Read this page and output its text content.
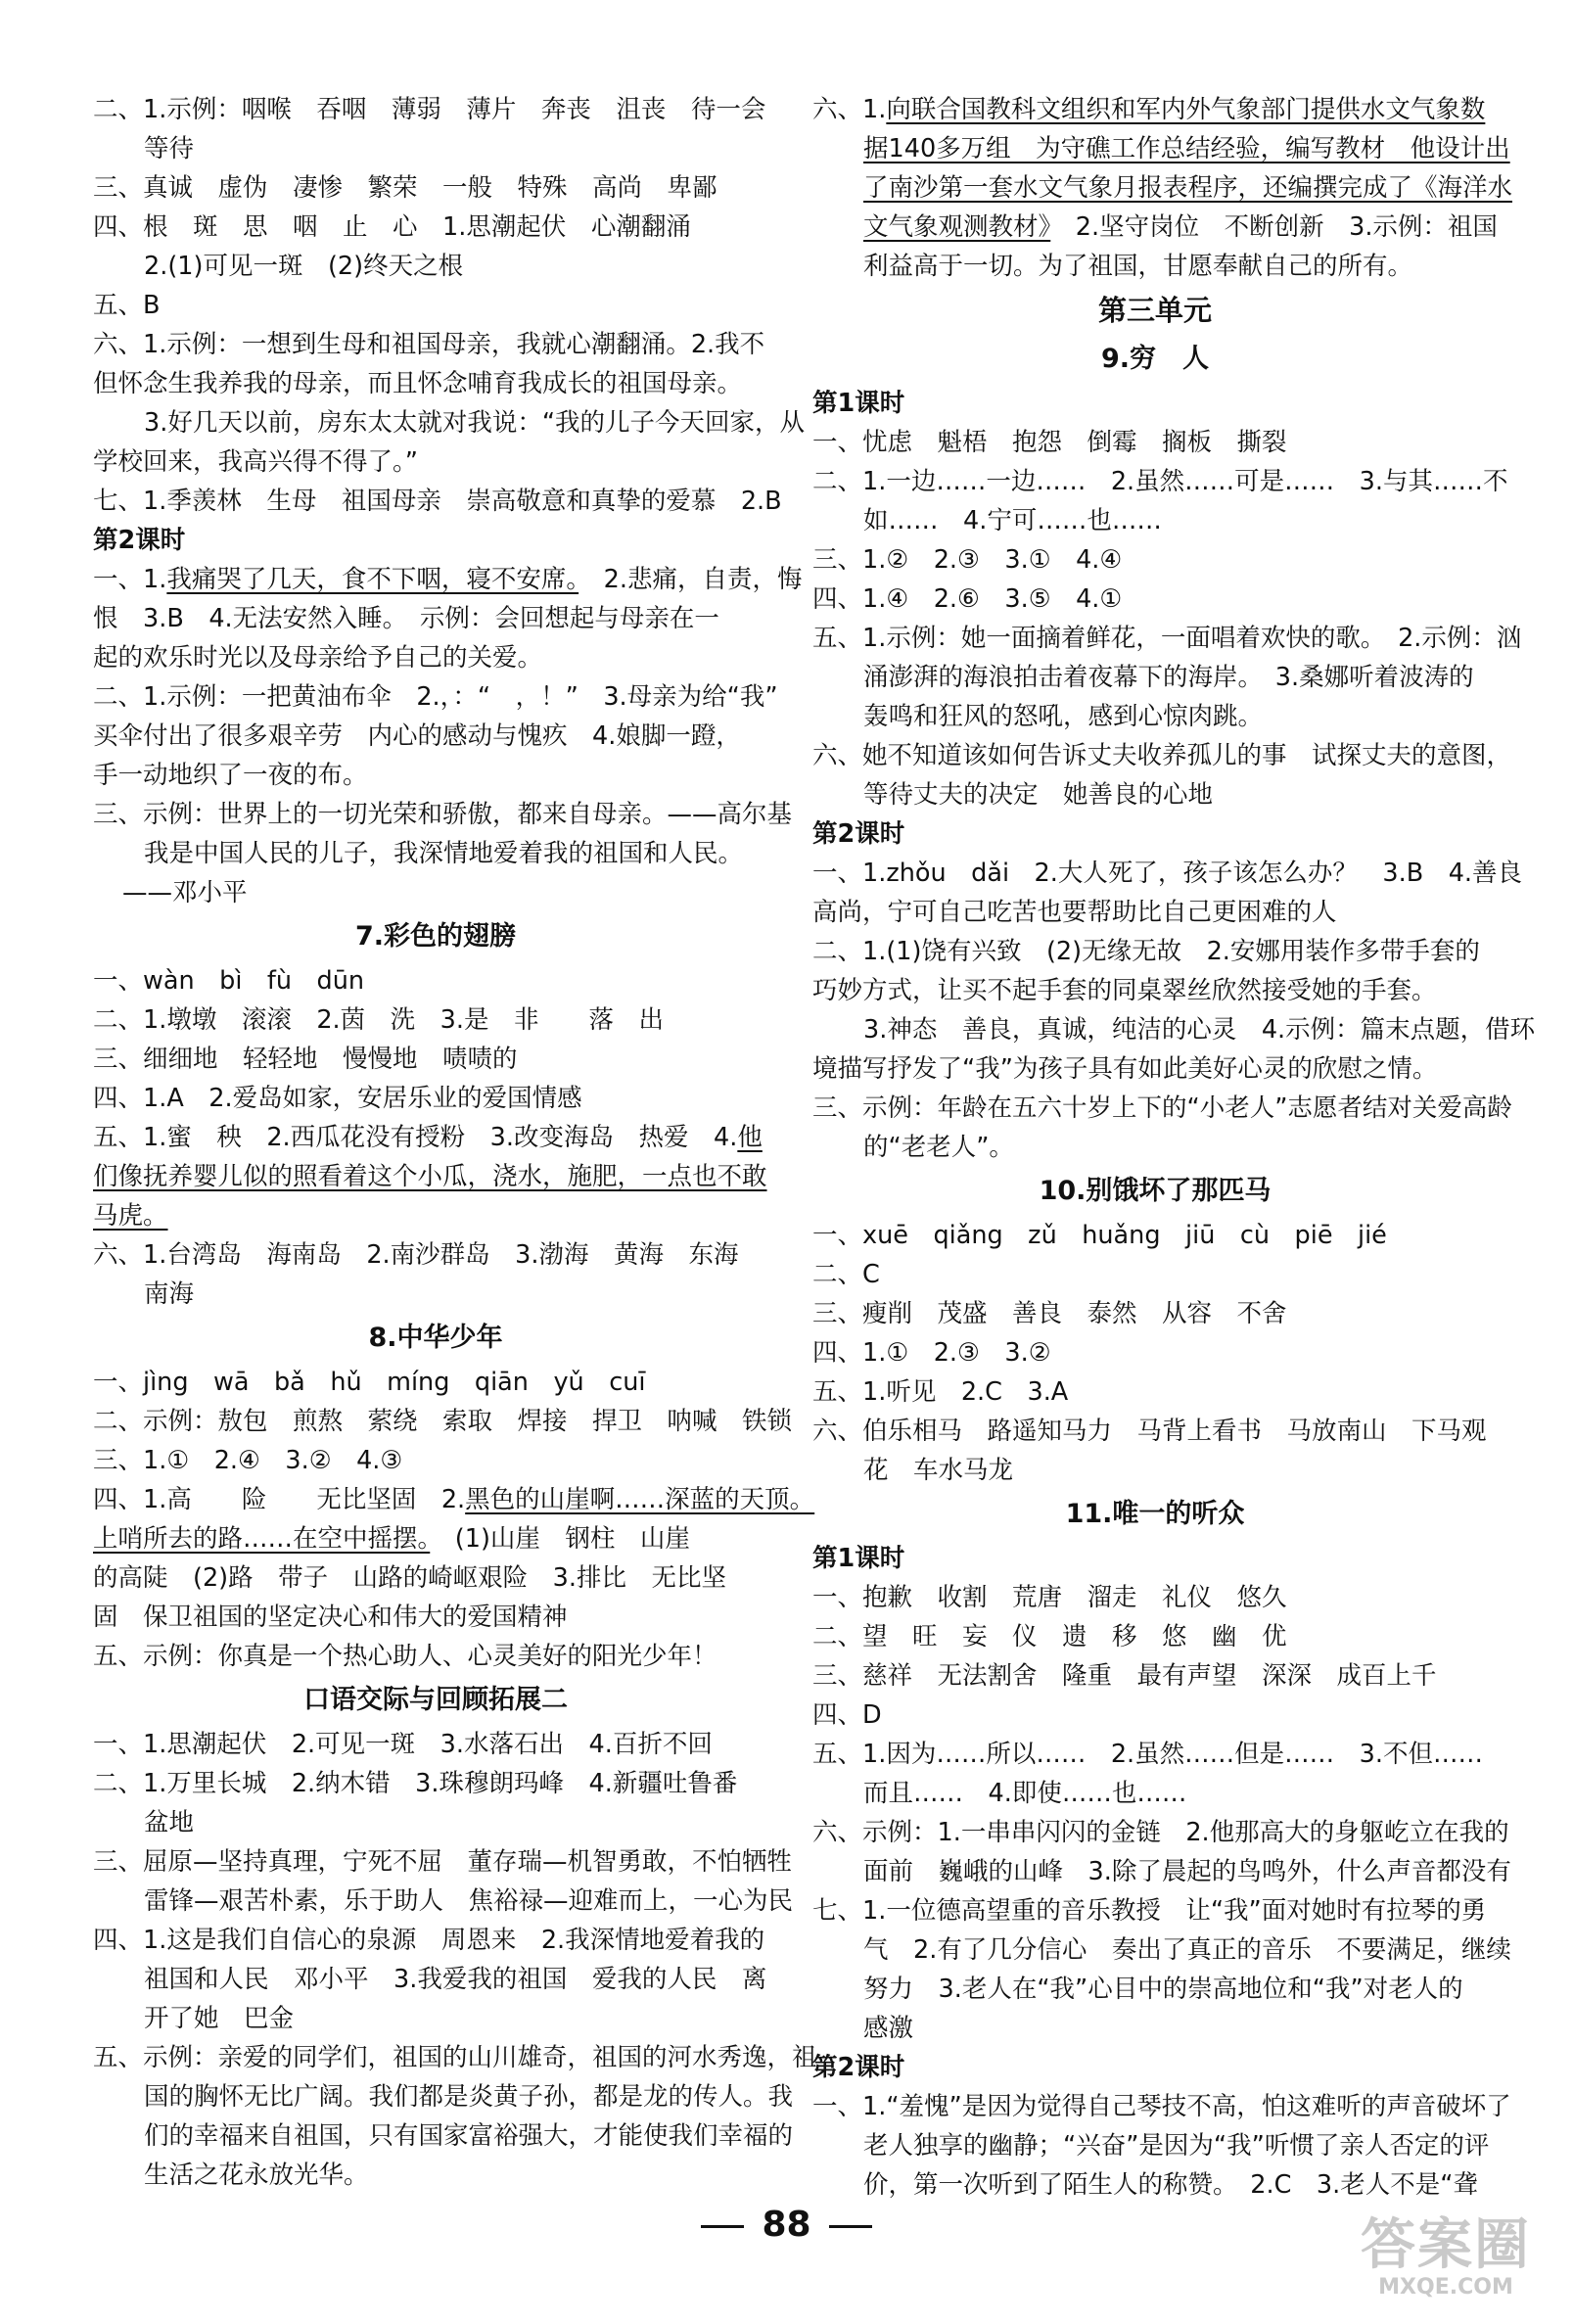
二、1.示例：咽喉　吞咽　薄弱　薄片　奔丧　沮丧　待一会
等待
三、真诚　虚伪　凄惨　繁荣　一般　特殊　高尚　卑鄙
四、根　斑　思　咽　止　心　1.思潮起伏　心潮翻涌
2.(1)可见一斑　(2)终天之根
五、B
六、1.示例：一想到生母和祖国母亲，我就心潮翻涌。2.我不
但怀念生我养我的母亲，而且怀念哺育我成长的祖国母亲。
3.好几天以前，房东太太就对我说：“我的儿子今天回家，从
学校回来，我高兴得不得了。”
七、1.季羡林　生母　祖国母亲　崇高敬意和真挚的爱慕　2.B
第2课时
一、1.我痛哭了几天，食不下咽，寝不安席。　2.悲痛，自责，悔
恨　3.B　4.无法安然入睡。　示例：会回想起与母亲在一
起的欢乐时光以及母亲给予自己的关爱。
二、1.示例：一把黄油布伞　2.，：“　，！”　3.母亲为给“我”
买伞付出了很多艰辛劳　内心的感动与愧疚　4.娘脚一蹬，
手一动地织了一夜的布。
三、示例：世界上的一切光荣和骄傲，都来自母亲。——高尔基
我是中国人民的儿子，我深情地爱着我的祖国和人民。
——邓小平
7.彩色的翅膀
一、wàn　bì　fù　dūn
二、1.墩墩　滚滚　2.茵　洗　3.是　非　　落　出
三、细细地　轻轻地　慢慢地　啧啧的
四、1.A　2.爱岛如家，安居乐业的爱国情感
五、1.蜜　秧　2.西瓜花没有授粉　3.改变海岛　热爱　4.他
们像抚养婴儿似的照看着这个小瓜，浇水，施肥，一点也不敢
马虎。
六、1.台湾岛　海南岛　2.南沙群岛　3.渤海　黄海　东海
南海
8.中华少年
一、jìng　wā　bǎ　hǔ　míng　qiān　yǔ　cuī
二、示例：敖包　煎熬　萦绕　索取　焊接　捍卫　呐喊　铁锁
三、1.①　2.④　3.②　4.③
四、1.高　　险　　无比坚固　2.黑色的山崖啊……深蓝的天顶。
上哨所去的路……在空中摇摆。　(1)山崖　钢柱　山崖
的高陡　(2)路　带子　山路的崎岖艰险　3.排比　无比坚
固　保卫祖国的坚定决心和伟大的爱国精神
五、示例：你真是一个热心助人、心灵美好的阳光少年！
口语交际与回顾拓展二
一、1.思潮起伏　2.可见一斑　3.水落石出　4.百折不回
二、1.万里长城　2.纳木错　3.珠穆朗玛峰　4.新疆吐鲁番
盆地
三、屈原—坚持真理，宁死不屈　董存瑞—机智勇敢，不怕牺牲
雷锋—艰苦朴素，乐于助人　焦裕禄—迎难而上，一心为民
四、1.这是我们自信心的泉源　周恩来　2.我深情地爱着我的
祖国和人民　邓小平　3.我爱我的祖国　爱我的人民　离
开了她　巴金
五、示例：亲爱的同学们，祖国的山川雄奇，祖国的河水秀逸，祖
国的胸怀无比广阔。我们都是炎黄子孙，都是龙的传人。我
们的幸福来自祖国，只有国家富裕强大，才能使我们幸福的
生活之花永放光华。
六、1.向联合国教科文组织和军内外气象部门提供水文气象数
据140多万组　为守礁工作总结经验，编写教材　他设计出
了南沙第一套水文气象月报表程序，还编撰完成了《海洋水
文气象观测教材》　2.坚守岗位　不断创新　3.示例：祖国
利益高于一切。为了祖国，甘愿奉献自己的所有。
第三单元
9.穷　人
第1课时
一、忧虑　魁梧　抱怨　倒霉　搁板　撕裂
二、1.一边……一边……　2.虽然……可是……　3.与其……不
如……　4.宁可……也……
三、1.②　2.③　3.①　4.④
四、1.④　2.⑥　3.⑤　4.①
五、1.示例：她一面摘着鲜花，一面唱着欢快的歌。　2.示例：汹
涌澎湃的海浪拍击着夜幕下的海岸。　3.桑娜听着波涛的
轰鸣和狂风的怒吼，感到心惊肉跳。
六、她不知道该如何告诉丈夫收养孤儿的事　试探丈夫的意图，
等待丈夫的决定　她善良的心地
第2课时
一、1.zhǒu　dǎi　2.大人死了，孩子该怎么办？　3.B　4.善良
高尚，宁可自己吃苦也要帮助比自己更困难的人
二、1.(1)饶有兴致　(2)无缘无故　2.安娜用装作多带手套的
巧妙方式，让买不起手套的同桌翠丝欣然接受她的手套。
3.神态　善良，真诚，纯洁的心灵　4.示例：篇末点题，借环
境描写抒发了“我”为孩子具有如此美好心灵的欣慰之情。
三、示例：年龄在五六十岁上下的“小老人”志愿者结对关爱高龄
的“老老人”。
10.别饿坏了那匹马
一、xuē　qiǎng　zǔ　huǎng　jiū　cù　piē　jié
二、C
三、瘦削　茂盛　善良　泰然　从容　不舍
四、1.①　2.③　3.②
五、1.听见　2.C　3.A
六、伯乐相马　路遥知马力　马背上看书　马放南山　下马观
花　车水马龙
11.唯一的听众
第1课时
一、抱歉　收割　荒唐　溜走　礼仪　悠久
二、望　旺　妄　仪　遗　移　悠　幽　优
三、慈祥　无法割舍　隆重　最有声望　深深　成百上千
四、D
五、1.因为……所以……　2.虽然……但是……　3.不但……
而且……　4.即使……也……
六、示例：1.一串串闪闪的金链　2.他那高大的身躯屹立在我的
面前　巍峨的山峰　3.除了晨起的鸟鸣外，什么声音都没有
七、1.一位德高望重的音乐教授　让“我”面对她时有拉琴的勇
气　2.有了几分信心　奏出了真正的音乐　不要满足，继续
努力　3.老人在“我”心目中的崇高地位和“我”对老人的
感激
第2课时
一、1.“羞愧”是因为觉得自己琴技不高，怕这难听的声音破坏了
老人独享的幽静；“兴奋”是因为“我”听惯了亲人否定的评
价，第一次听到了陌生人的称赞。　2.C　3.老人不是“聋
88	答案圈
MXQE.COM
